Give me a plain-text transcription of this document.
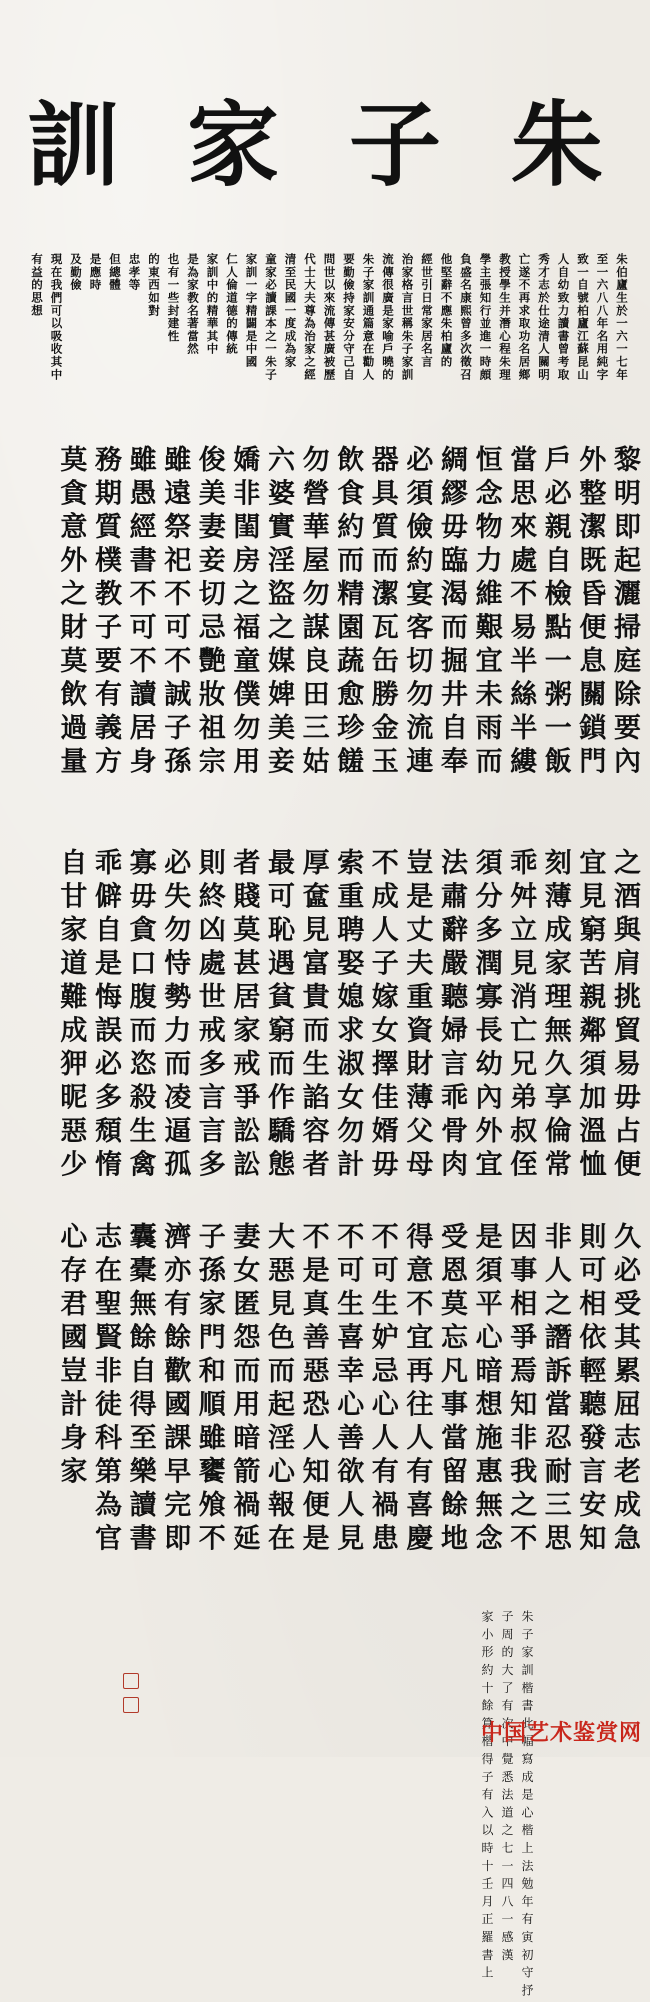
訓 家 子 朱
朱伯廬生於一六一七年
至一六八八年名用純字
致一自號柏廬江蘇昆山
人自幼致力讀書曾考取
秀才志於仕途清人關明
亡遂不再求取功名居鄉
教授學生并潛心程朱理
學主張知行並進一時頗
負盛名康熙曾多次徵召
他堅辭不應朱柏廬的
經世引日常家居名言
治家格言世稱朱子家訓
流傳很廣是家喻戶曉的
朱子家訓通篇意在勸人
要勤儉持家安分守己自
問世以來流傳甚廣被歷
代士大夫尊為治家之經
清至民國一度成為家
童家必讀課本之一朱子
家訓一字精闢是中國
仁人倫道德的傳統
家訓中的精華其中
是為家教名著當然
也有一些封建性
的東西如對
忠孝等
但總體
是應時
及勤儉
現在我們可以吸收其中
有益的思想
黎明即起灑掃庭除要內
外整潔既昏便息關鎖門
戶必親自檢點一粥一飯
當思來處不易半絲半縷
恒念物力維艱宜未雨而
綢繆毋臨渴而掘井自奉
必須儉約宴客切勿流連
器具質而潔瓦缶勝金玉
飲食約而精園蔬愈珍饈
勿營華屋勿謀良田三姑
六婆實淫盜之媒婢美妾
嬌非閨房之福童僕勿用
俊美妻妾切忌艷妝祖宗
雖遠祭祀不可不誠子孫
雖愚經書不可不讀居身
務期質樸教子要有義方
莫貪意外之財莫飲過量
之酒與肩挑貿易毋占便
宜見窮苦親鄰須加溫恤
刻薄成家理無久享倫常
乖舛立見消亡兄弟叔侄
須分多潤寡長幼內外宜
法肅辭嚴聽婦言乖骨肉
豈是丈夫重資財薄父母
不成人子嫁女擇佳婿毋
索重聘娶媳求淑女勿計
厚奩見富貴而生諂容者
最可恥遇貧窮而作驕態
者賤莫甚居家戒爭訟訟
則終凶處世戒多言言多
必失勿恃勢力而凌逼孤
寡毋貪口腹而恣殺生禽
乖僻自是悔誤必多頹惰
自甘家道難成狎昵惡少
久必受其累屈志老成急
則可相依輕聽發言安知
非人之譖訴當忍耐三思
因事相爭焉知非我之不
是須平心暗想施惠無念
受恩莫忘凡事當留餘地
得意不宜再往人有喜慶
不可生妒忌心人有禍患
不可生喜幸心善欲人見
不是真善惡恐人知便是
大惡見色而起淫心報在
妻女匿怨而用暗箭禍延
子孫家門和順雖饔飧不
濟亦有餘歡國課早完即
囊橐無餘自得至樂讀書
志在聖賢非徒科第為官
心存君國豈計身家
朱子家訓楷書此幅寫成是心楷上法勉年有寅初守抒
子周的大了有次中覺悉法道之七一四八一感漢
家小形約十餘算楷得子有入以時十壬月正羅書上
中国艺术鉴赏网
